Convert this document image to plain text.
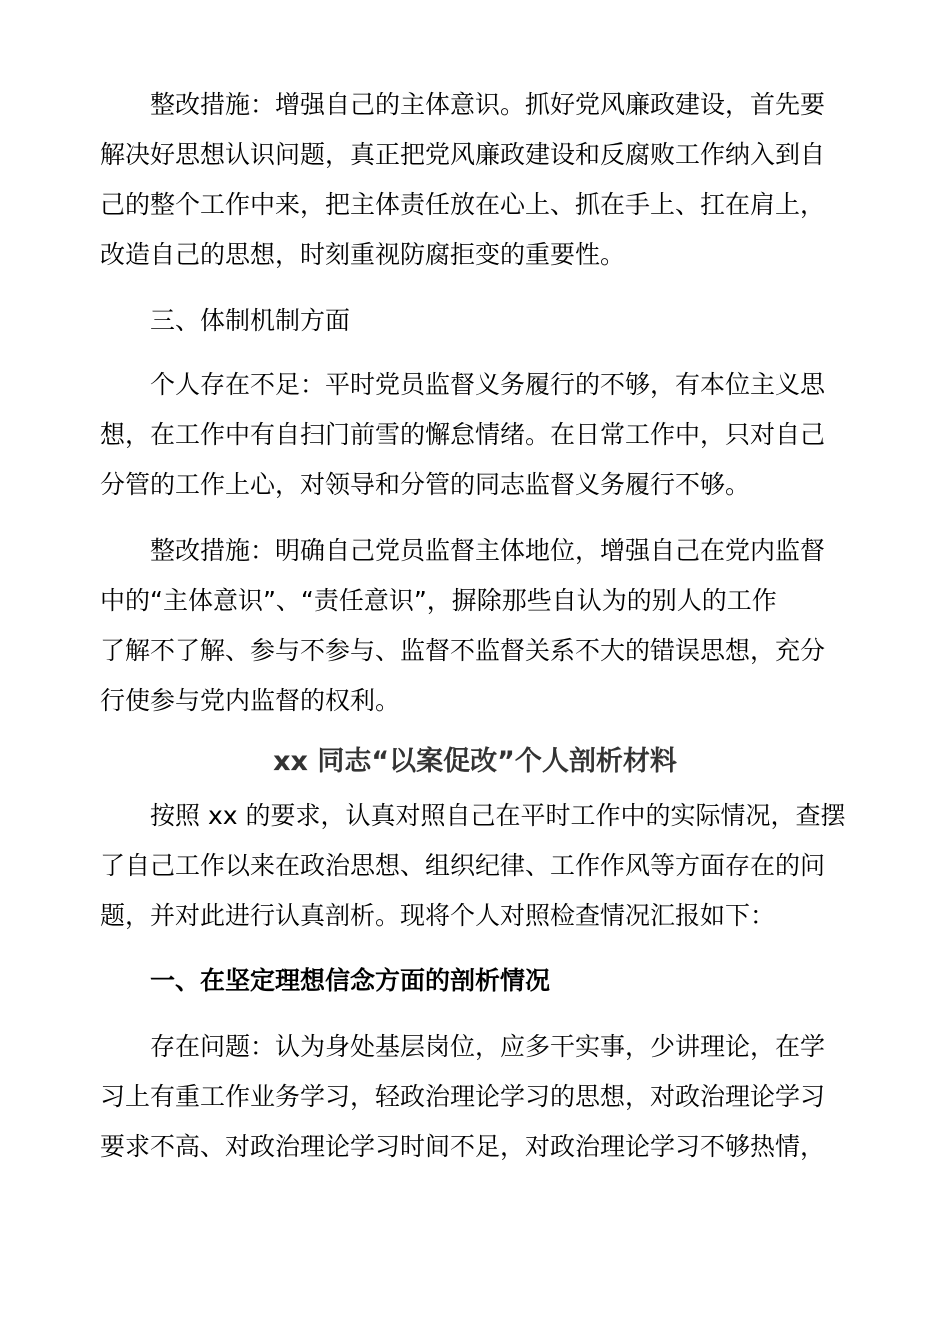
整改措施：增强自己的主体意识。抓好党风廉政建设，首先要
解决好思想认识问题，真正把党风廉政建设和反腐败工作纳入到自
己的整个工作中来，把主体责任放在心上、抓在手上、扛在肩上，
改造自己的思想，时刻重视防腐拒变的重要性。
三、体制机制方面
个人存在不足：平时党员监督义务履行的不够，有本位主义思
想，在工作中有自扫门前雪的懈怠情绪。在日常工作中，只对自己
分管的工作上心，对领导和分管的同志监督义务履行不够。
整改措施：明确自己党员监督主体地位，增强自己在党内监督
中的“主体意识”、“责任意识”，摒除那些自认为的别人的工作
了解不了解、参与不参与、监督不监督关系不大的错误思想，充分
行使参与党内监督的权利。
xx 同志“以案促改”个人剖析材料
按照 xx 的要求，认真对照自己在平时工作中的实际情况，查摆
了自己工作以来在政治思想、组织纪律、工作作风等方面存在的问
题，并对此进行认真剖析。现将个人对照检查情况汇报如下：
一、在坚定理想信念方面的剖析情况
存在问题：认为身处基层岗位，应多干实事，少讲理论，在学
习上有重工作业务学习，轻政治理论学习的思想，对政治理论学习
要求不高、对政治理论学习时间不足，对政治理论学习不够热情，
